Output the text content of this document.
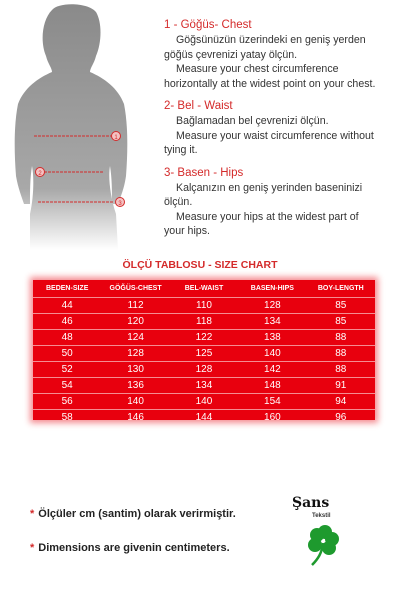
1
2
3

1 - Göğüs- Chest

Göğsünüzün üzerindeki en geniş yerden

göğüs çevrenizi yatay ölçün.

Measure your chest circumference

horizontally at the widest point on your chest.

2- Bel - Waist

Bağlamadan bel çevrenizi ölçün.

Measure your waist circumference without

tying it.

3- Basen - Hips

Kalçanızın en geniş yerinden baseninizi

ölçün.

Measure your hips at the widest part of

your hips.

ÖLÇÜ TABLOSU - SIZE CHART
BEDEN-SIZE	GÖĞÜS-CHEST	BEL-WAIST	BASEN-HIPS	BOY-LENGTH
44	112	110	128	85
46	120	118	134	85
48	124	122	138	88
50	128	125	140	88
52	130	128	142	88
54	136	134	148	91
56	140	140	154	94
58	146	144	160	96
* Ölçüler cm (santim) olarak verirmiştir.
* Dimensions are givenin centimeters.
Şans
Tekstil
